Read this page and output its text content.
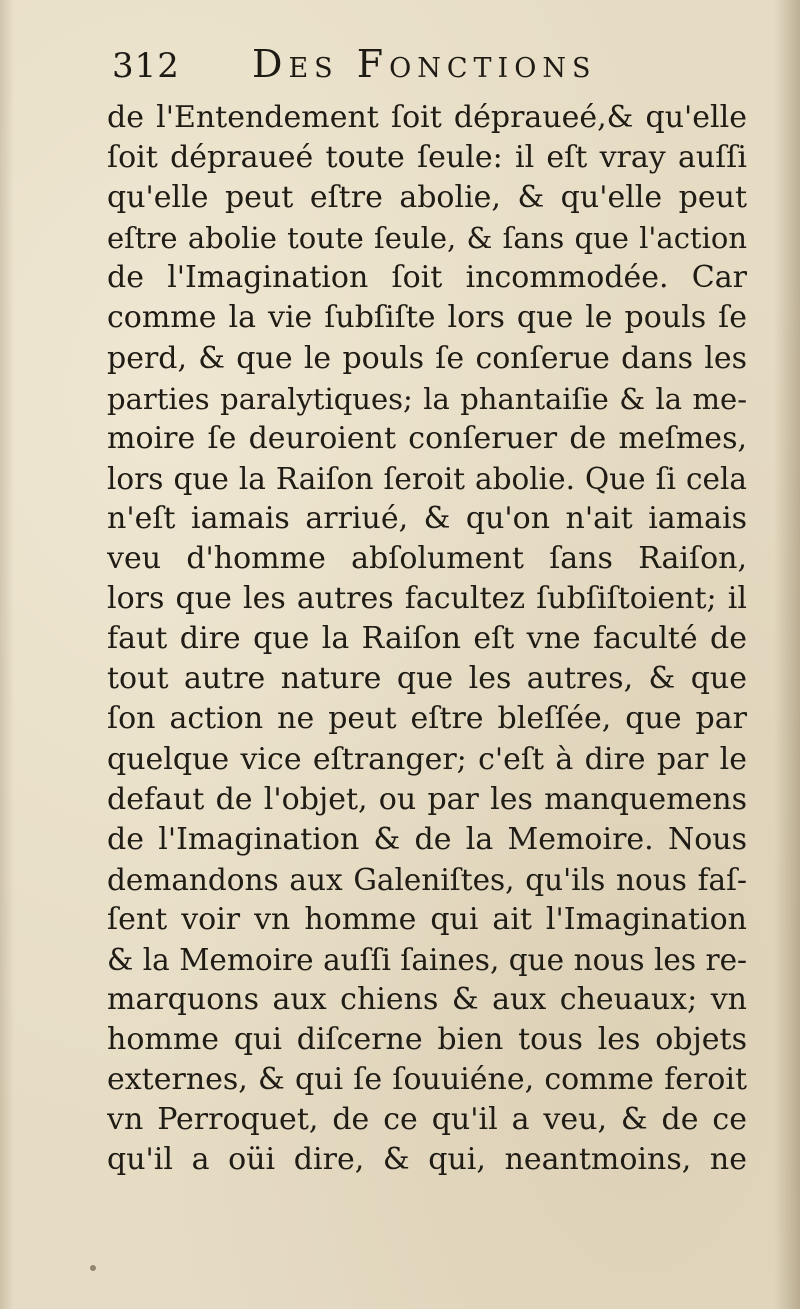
312 Des Fonctions
de l'Entendement ſoit dépraueé,& qu'elle
ſoit dépraueé toute ſeule: il eſt vray auſſi
qu'elle peut eſtre abolie, & qu'elle peut
eſtre abolie toute ſeule, & ſans que l'action
de l'Imagination ſoit incommodée. Car
comme la vie ſubſiſte lors que le pouls ſe
perd, & que le pouls ſe conſerue dans les
parties paralytiques; la phantaiſie & la me-
moire ſe deuroient conſeruer de meſmes,
lors que la Raiſon ſeroit abolie. Que ſi cela
n'eſt iamais arriué, & qu'on n'ait iamais
veu d'homme abſolument ſans Raiſon,
lors que les autres facultez ſubſiſtoient; il
faut dire que la Raiſon eſt vne faculté de
tout autre nature que les autres, & que
ſon action ne peut eſtre bleſſée, que par
quelque vice eſtranger; c'eſt à dire par le
defaut de l'objet, ou par les manquemens
de l'Imagination & de la Memoire. Nous
demandons aux Galeniſtes, qu'ils nous faſ-
ſent voir vn homme qui ait l'Imagination
& la Memoire auſſi ſaines, que nous les re-
marquons aux chiens & aux cheuaux; vn
homme qui diſcerne bien tous les objets
externes, & qui ſe ſouuiéne, comme feroit
vn Perroquet, de ce qu'il a veu, & de ce
qu'il a oüi dire, & qui, neantmoins, ne
